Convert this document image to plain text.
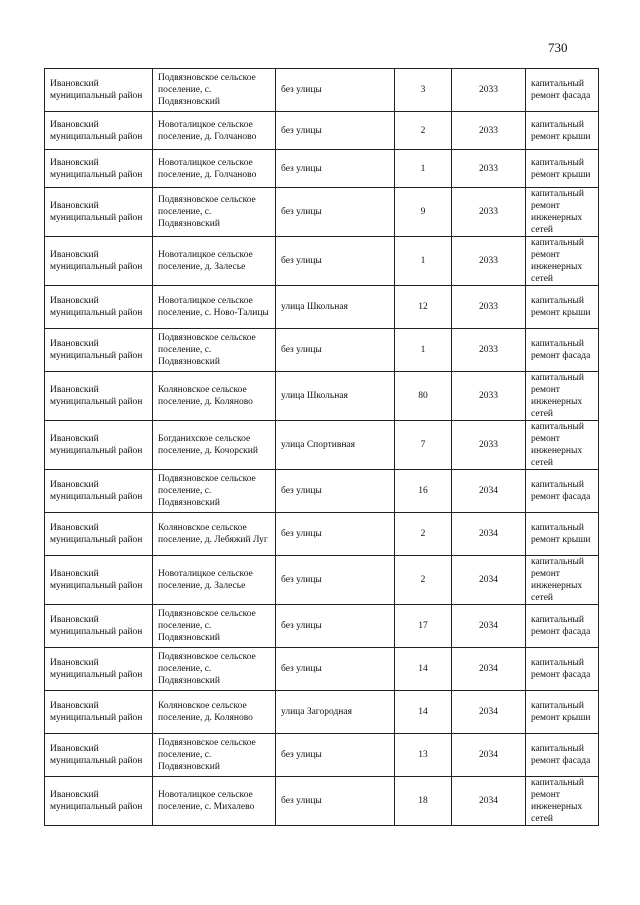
730
Ивановский муниципальный район	Подвязновское сельское поселение, с. Подвязновский	без улицы	3	2033	капитальный ремонт фасада
Ивановский муниципальный район	Новоталицкое сельское поселение, д. Голчаново	без улицы	2	2033	капитальный ремонт крыши
Ивановский муниципальный район	Новоталицкое сельское поселение, д. Голчаново	без улицы	1	2033	капитальный ремонт крыши
Ивановский муниципальный район	Подвязновское сельское поселение, с. Подвязновский	без улицы	9	2033	капитальный ремонт инженерных сетей
Ивановский муниципальный район	Новоталицкое сельское поселение, д. Залесье	без улицы	1	2033	капитальный ремонт инженерных сетей
Ивановский муниципальный район	Новоталицкое сельское поселение, с. Ново-Талицы	улица Школьная	12	2033	капитальный ремонт крыши
Ивановский муниципальный район	Подвязновское сельское поселение, с. Подвязновский	без улицы	1	2033	капитальный ремонт фасада
Ивановский муниципальный район	Коляновское сельское поселение, д. Коляново	улица Школьная	80	2033	капитальный ремонт инженерных сетей
Ивановский муниципальный район	Богданихское сельское поселение, д. Кочорский	улица Спортивная	7	2033	капитальный ремонт инженерных сетей
Ивановский муниципальный район	Подвязновское сельское поселение, с. Подвязновский	без улицы	16	2034	капитальный ремонт фасада
Ивановский муниципальный район	Коляновское сельское поселение, д. Лебяжий Луг	без улицы	2	2034	капитальный ремонт крыши
Ивановский муниципальный район	Новоталицкое сельское поселение, д. Залесье	без улицы	2	2034	капитальный ремонт инженерных сетей
Ивановский муниципальный район	Подвязновское сельское поселение, с. Подвязновский	без улицы	17	2034	капитальный ремонт фасада
Ивановский муниципальный район	Подвязновское сельское поселение, с. Подвязновский	без улицы	14	2034	капитальный ремонт фасада
Ивановский муниципальный район	Коляновское сельское поселение, д. Коляново	улица Загородная	14	2034	капитальный ремонт крыши
Ивановский муниципальный район	Подвязновское сельское поселение, с. Подвязновский	без улицы	13	2034	капитальный ремонт фасада
Ивановский муниципальный район	Новоталицкое сельское поселение, с. Михалево	без улицы	18	2034	капитальный ремонт инженерных сетей
